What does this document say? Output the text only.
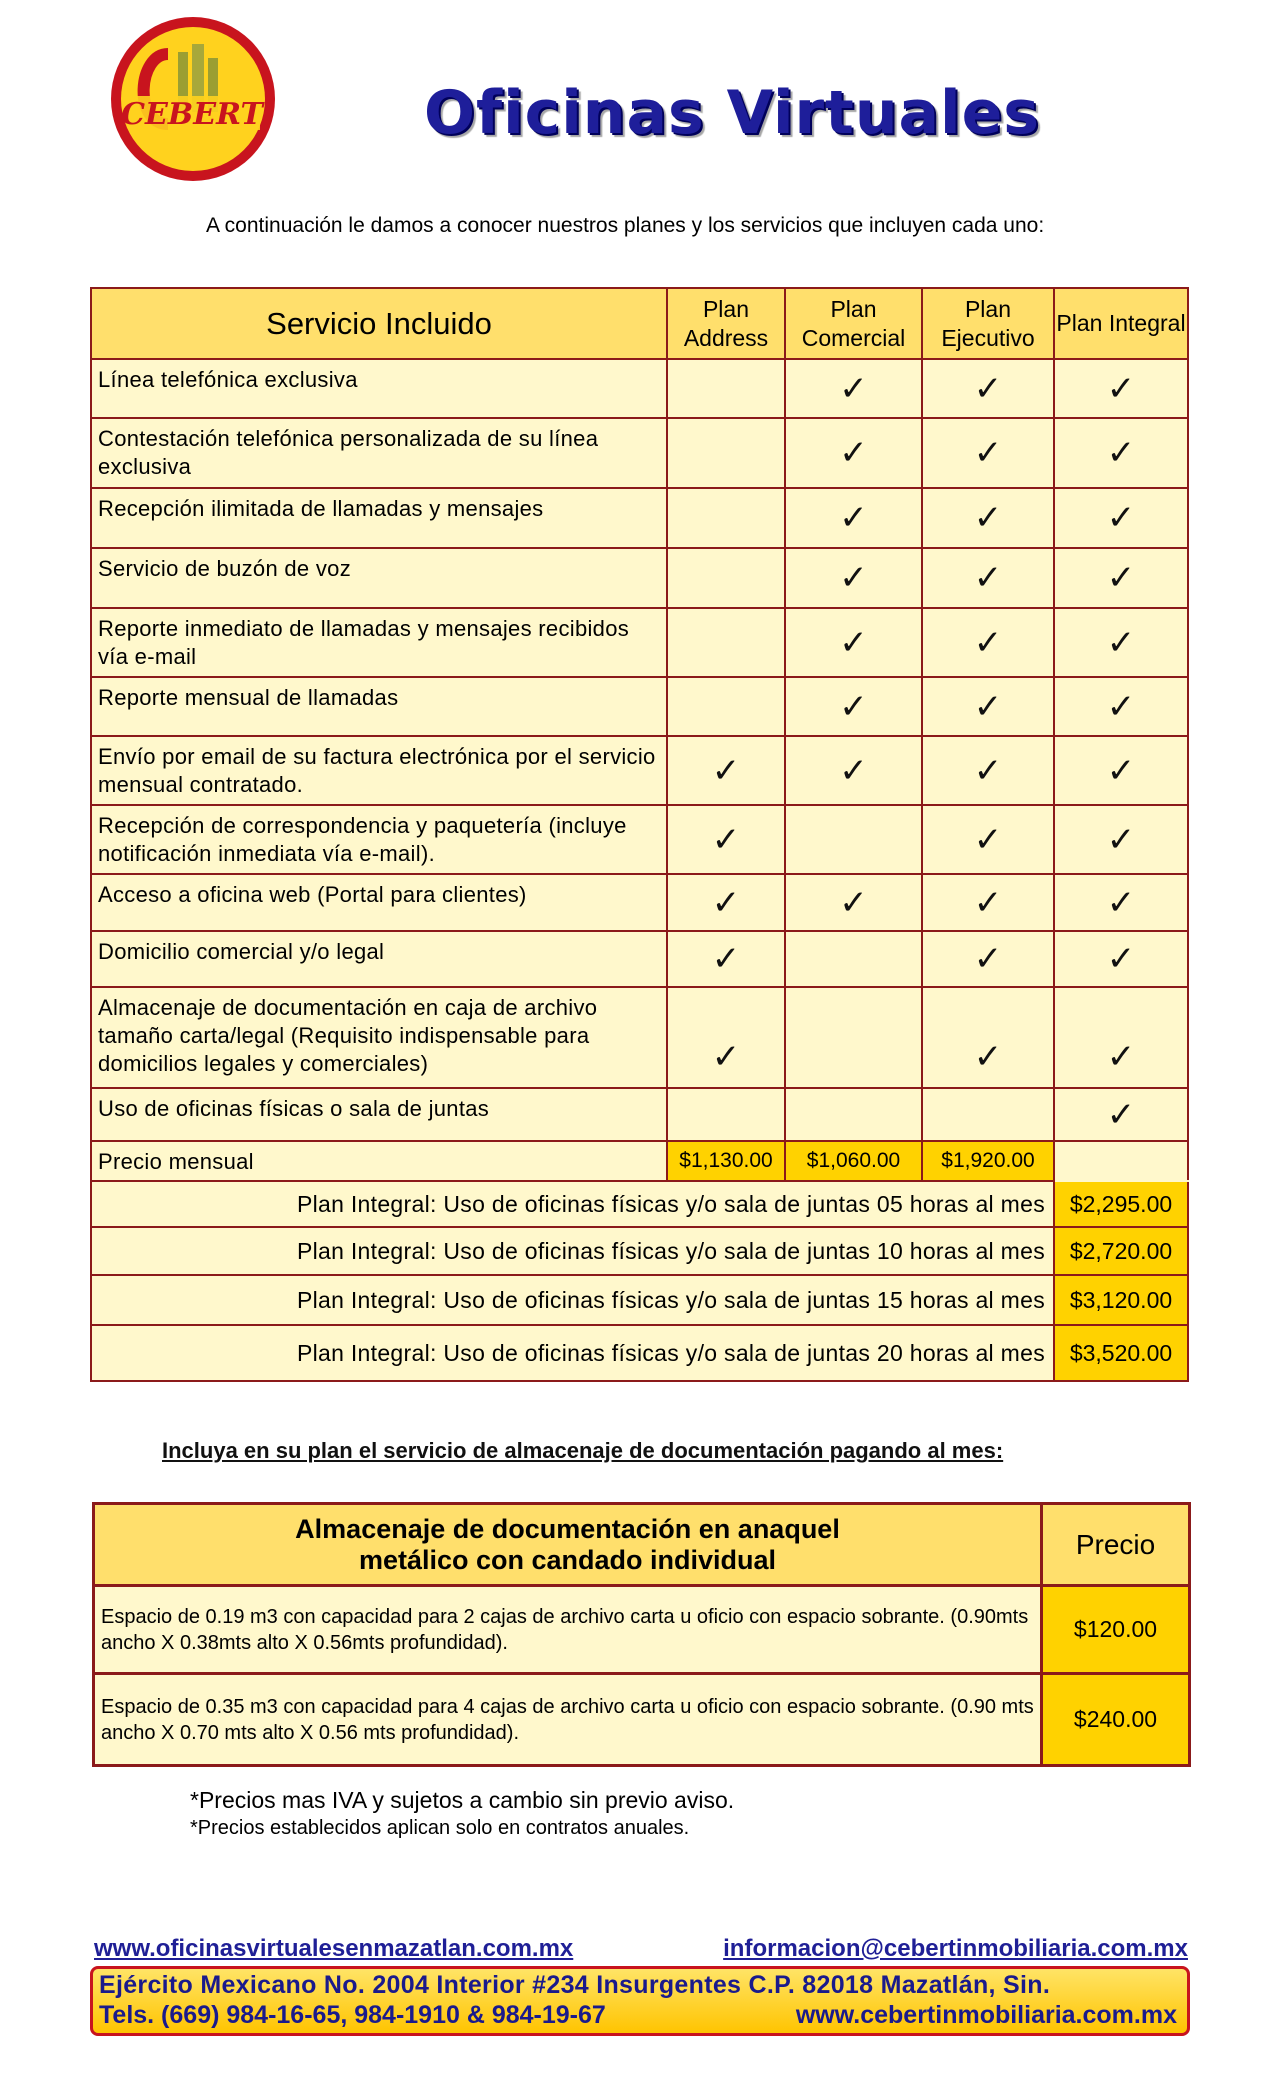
CEBERT	Oficinas Virtuales
A continuación le damos a conocer nuestros planes y los servicios que incluyen cada uno:
Servicio Incluido	Plan Address	Plan Comercial	Plan Ejecutivo	Plan Integral
Línea telefónica exclusiva		✓	✓	✓
Contestación telefónica personalizada de su línea exclusiva		✓	✓	✓
Recepción ilimitada de llamadas y mensajes		✓	✓	✓
Servicio de buzón de voz		✓	✓	✓
Reporte inmediato de llamadas y mensajes recibidos vía e-mail		✓	✓	✓
Reporte mensual de llamadas		✓	✓	✓
Envío por email de su factura electrónica por el servicio mensual contratado.	✓	✓	✓	✓
Recepción de correspondencia y paquetería (incluye notificación inmediata vía e-mail).	✓		✓	✓
Acceso a oficina web (Portal para clientes)	✓	✓	✓	✓
Domicilio comercial y/o legal	✓		✓	✓
Almacenaje de documentación en caja de archivo tamaño carta/legal (Requisito indispensable para domicilios legales y comerciales)	✓		✓	✓
Uso de oficinas físicas o sala de juntas				✓
Precio mensual	$1,130.00	$1,060.00	$1,920.00	
Plan Integral: Uso de oficinas físicas y/o sala de juntas 05 horas al mes				$2,295.00
Plan Integral: Uso de oficinas físicas y/o sala de juntas 10 horas al mes				$2,720.00
Plan Integral: Uso de oficinas físicas y/o sala de juntas 15 horas al mes				$3,120.00
Plan Integral: Uso de oficinas físicas y/o sala de juntas 20 horas al mes				$3,520.00
Incluya en su plan el servicio de almacenaje de documentación pagando al mes:
Almacenaje de documentación en anaquel
metálico con candado individual	Precio
Espacio de 0.19 m3 con capacidad para 2 cajas de archivo carta u oficio con espacio sobrante. (0.90mts ancho X 0.38mts alto X 0.56mts profundidad).	$120.00
Espacio de 0.35 m3 con capacidad para 4 cajas de archivo carta u oficio con espacio sobrante. (0.90 mts ancho X 0.70 mts alto X 0.56 mts profundidad).	$240.00
*Precios mas IVA y sujetos a cambio sin previo aviso.
*Precios establecidos aplican solo en contratos anuales.
www.oficinasvirtualesenmazatlan.com.mx	informacion@cebertinmobiliaria.com.mx
Ejército Mexicano No. 2004 Interior #234 Insurgentes C.P. 82018 Mazatlán, Sin.
Tels. (669) 984-16-65, 984-1910 & 984-19-67	www.cebertinmobiliaria.com.mx
